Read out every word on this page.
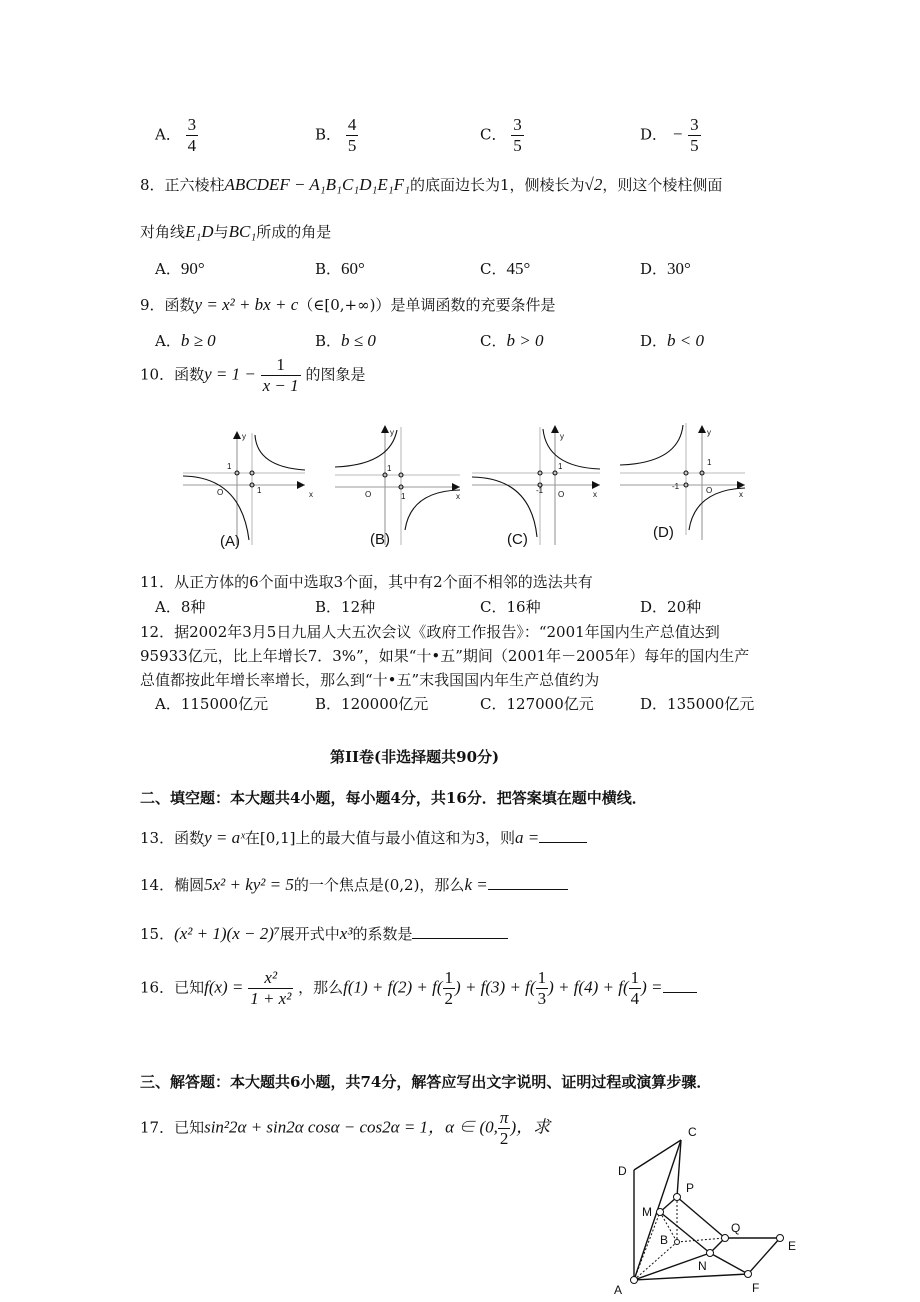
A． $\frac{3}{4}$	B． $\frac{4}{5}$	C． $\frac{3}{5}$	D． − $\frac{3}{5}$
8．正六棱柱ABCDEF − A₁B₁C₁D₁E₁F₁的底面边长为1，侧棱长为√2，则这个棱柱侧面
对角线E₁D与BC₁所成的角是
A．90°	B．60°	C．45°	D．30°
9．函数y = x² + bx + c（∈[0,+∞)）是单调函数的充要条件是
A．b ≥ 0	B．b ≤ 0	C．b > 0	D．b < 0
10．函数$y = 1 - \frac{1}{x - 1}$ 的图象是
y
x
O
1
1
y
x
O
1
1
y
x
O
-1
1
y
x
O
-1
1
(A)	(B)	(C)	(D)
11．从正方体的6个面中选取3个面，其中有2个面不相邻的选法共有
A．8种	B．12种	C．16种	D．20种
12．据2002年3月5日九届人大五次会议《政府工作报告》：“2001年国内生产总值达到
95933亿元，比上年增长7．3%”，如果“十•五”期间（2001年－2005年）每年的国内生产
总值都按此年增长率增长，那么到“十•五”末我国国内年生产总值约为
A．115000亿元	B．120000亿元	C．127000亿元	D．135000亿元
第II卷(非选择题共90分)
二、填空题：本大题共4小题，每小题4分，共16分．把答案填在题中横线．
13．函数y = aˣ在[0,1]上的最大值与最小值这和为3，则a =
14．椭圆5x² + ky² = 5的一个焦点是(0,2)，那么k =
15．(x² + 1)(x − 2)⁷展开式中x³的系数是
16．已知$f(x) = \frac{\text{x²}}{\text{1 + x²}}$ ，那么$f(1) + f(2) + f( \frac{1}{2}$ ) + $f(3) + f( \frac{1}{3}$ ) + $f(4) + f( \frac{1}{4}$ ) =
三、解答题：本大题共6小题，共74分，解答应写出文字说明、证明过程或演算步骤．
17．已知sin²2α + sin2α cosα − cos2α = 1，α ∈ (0, $\frac{\pi}{2}$ )，求	C
D
P
M
Q
B	E
N
A	F
